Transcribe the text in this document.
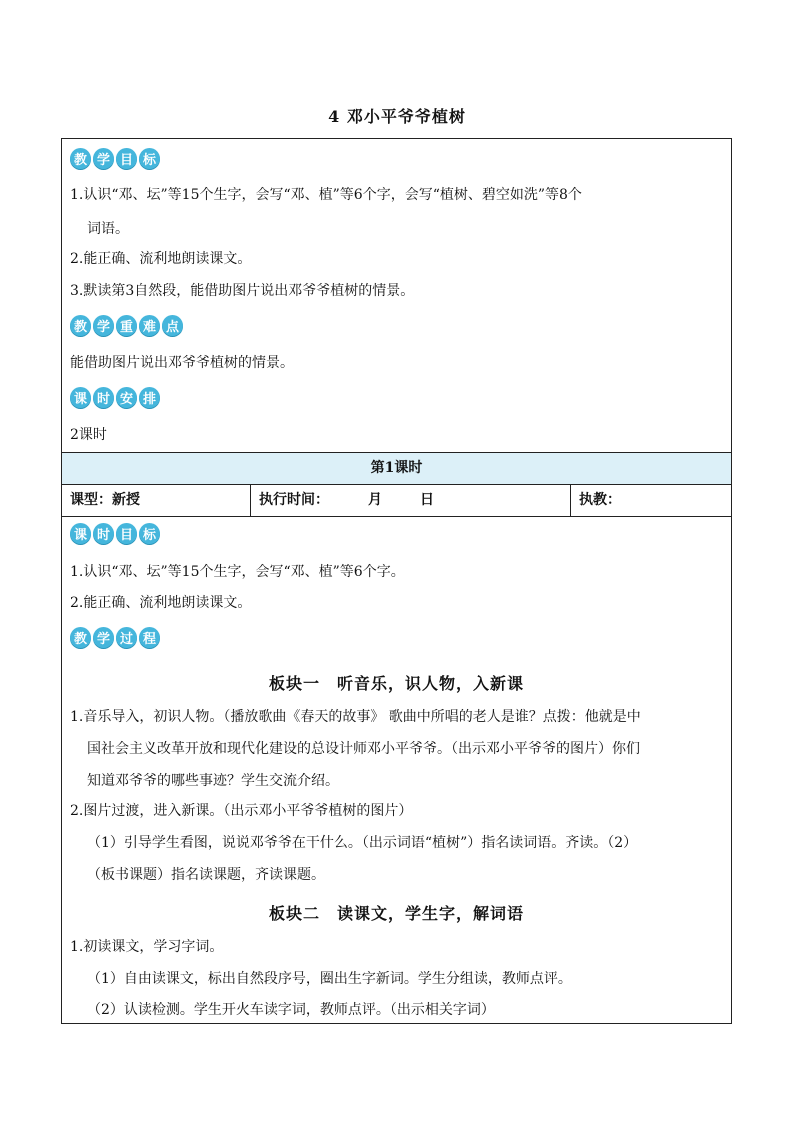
4 邓小平爷爷植树
教 学 目 标
1.认识“邓、坛”等15个生字，会写“邓、植”等6个字，会写“植树、碧空如洗”等8个
词语。
2.能正确、流利地朗读课文。
3.默读第3自然段，能借助图片说出邓爷爷植树的情景。
教 学 重 难 点
能借助图片说出邓爷爷植树的情景。
课 时 安 排
2课时
第1课时
课型：新授	执行时间：	月	日	执教：
课 时 目 标
1.认识“邓、坛”等15个生字，会写“邓、植”等6个字。
2.能正确、流利地朗读课文。
教 学 过 程
板块一　听音乐，识人物，入新课
1.音乐导入，初识人物。（播放歌曲《春天的故事》 歌曲中所唱的老人是谁？点拨：他就是中
国社会主义改革开放和现代化建设的总设计师邓小平爷爷。（出示邓小平爷爷的图片）你们
知道邓爷爷的哪些事迹？学生交流介绍。
2.图片过渡，进入新课。（出示邓小平爷爷植树的图片）
（1）引导学生看图，说说邓爷爷在干什么。（出示词语“植树”）指名读词语。齐读。（2）
（板书课题）指名读课题，齐读课题。
板块二　读课文，学生字，解词语
1.初读课文，学习字词。
（1）自由读课文，标出自然段序号，圈出生字新词。学生分组读，教师点评。
（2）认读检测。学生开火车读字词，教师点评。（出示相关字词）
